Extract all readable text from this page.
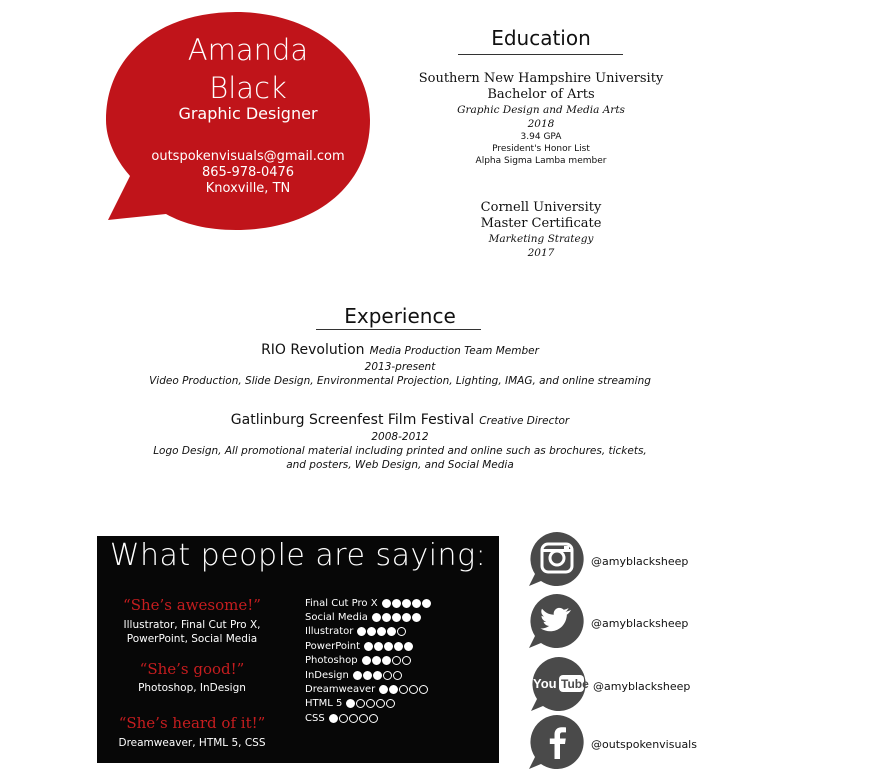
Amanda
Black
Graphic Designer
outspokenvisuals@gmail.com
865-978-0476
Knoxville, TN
Education
Southern New Hampshire University
Bachelor of Arts
Graphic Design and Media Arts
2018
3.94 GPA
President's Honor List
Alpha Sigma Lamba member
Cornell University
Master Certificate
Marketing Strategy
2017
Experience
RIO Revolution Media Production Team Member
2013-present
Video Production, Slide Design, Environmental Projection, Lighting, IMAG, and online streaming
Gatlinburg Screenfest Film Festival Creative Director
2008-2012
Logo Design, All promotional material including printed and online such as brochures, tickets,
and posters, Web Design, and Social Media
What people are saying:
“She’s awesome!”
Illustrator, Final Cut Pro X,
PowerPoint, Social Media
“She’s good!”
Photoshop, InDesign
“She’s heard of it!”
Dreamweaver, HTML 5, CSS
Final Cut Pro X
Social Media
Illustrator
PowerPoint
Photoshop
InDesign
Dreamweaver
HTML 5
CSS
@amyblacksheep
@amyblacksheep
You Tube @amyblacksheep
@outspokenvisuals
